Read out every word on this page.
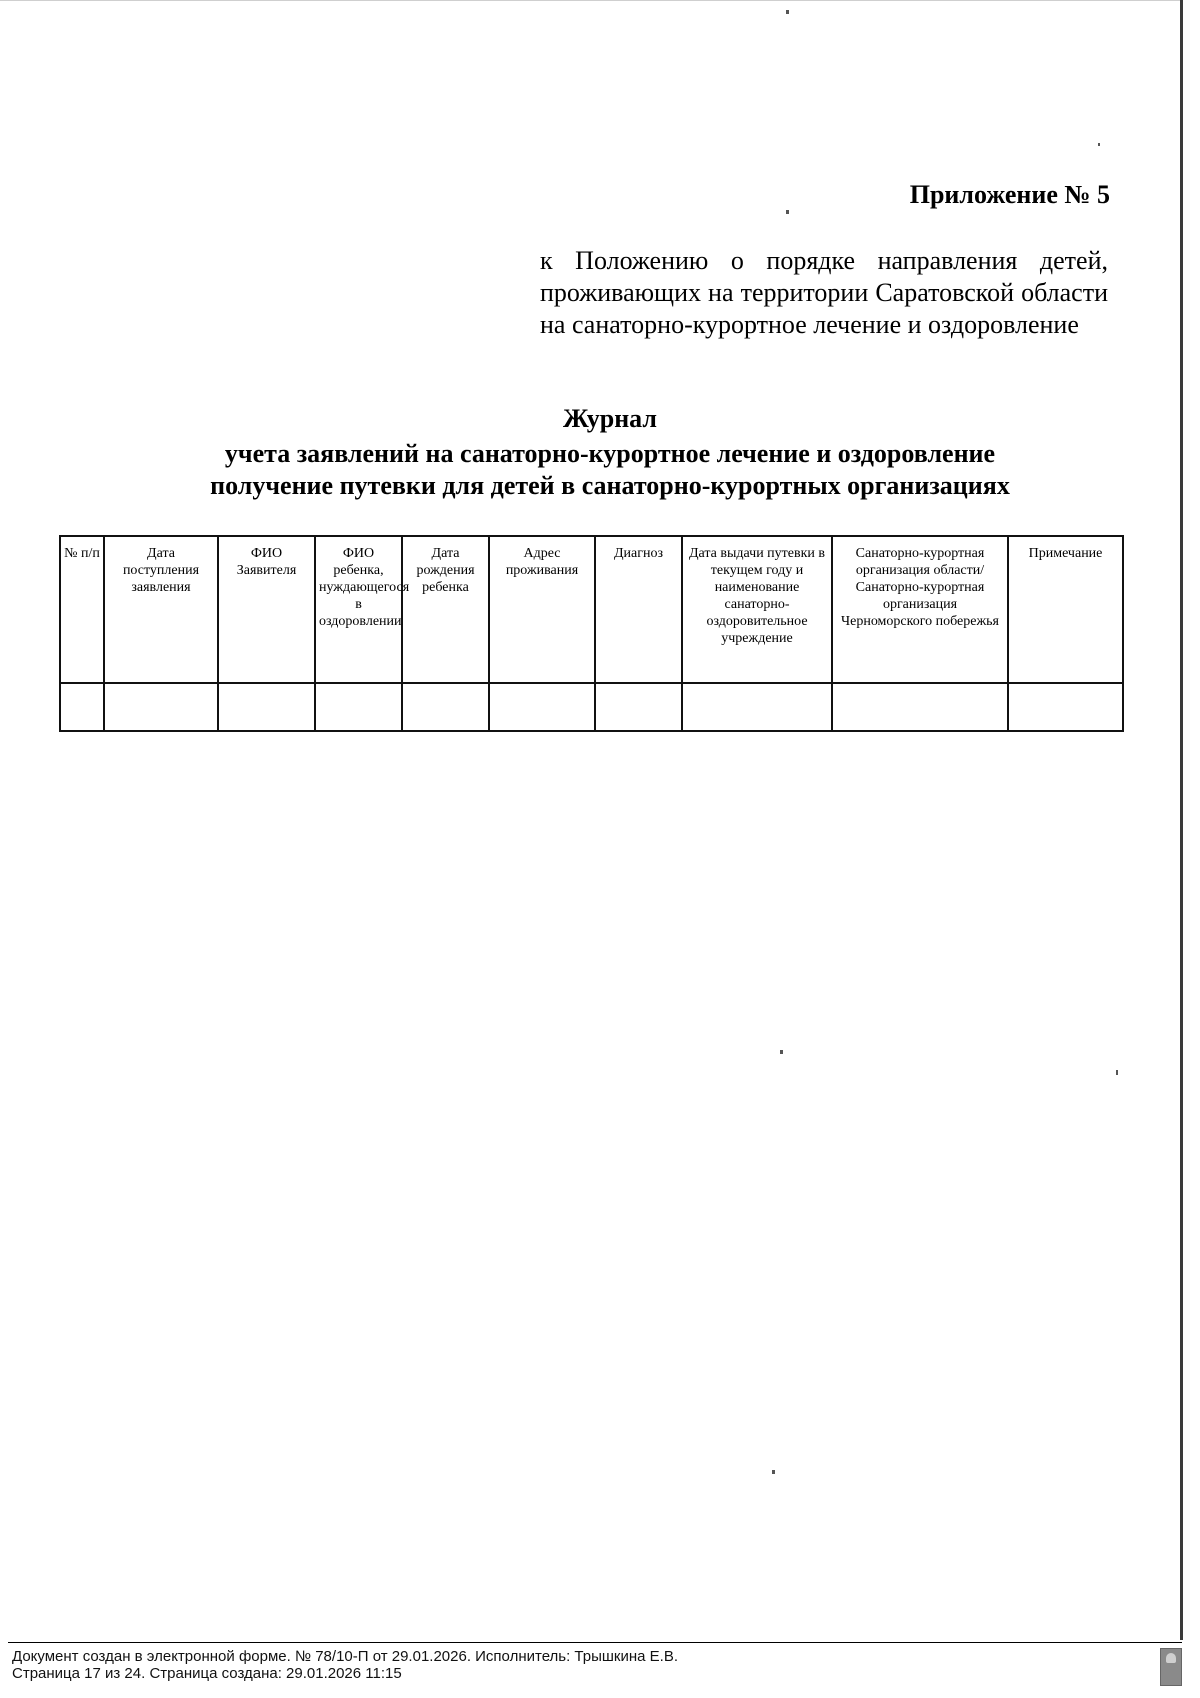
Приложение № 5
к Положению о порядке направления детей, проживающих на территории Саратовской области на санаторно-курортное лечение и оздоровление
Журнал
учета заявлений на санаторно-курортное лечение и оздоровление
получение путевки для детей в санаторно-курортных организациях
№ п/п	Дата поступления заявления	ФИО Заявителя	ФИО ребенка, нуждающегося в оздоровлении	Дата рождения ребенка	Адрес проживания	Диагноз	Дата выдачи путевки в текущем году и наименование санаторно-оздоровительное учреждение	Санаторно-курортная организация области/ Санаторно-курортная организация Черноморского побережья	Примечание

Документ создан в электронной форме. № 78/10-П от 29.01.2026. Исполнитель: Трышкина Е.В.
Страница 17 из 24. Страница создана: 29.01.2026 11:15
